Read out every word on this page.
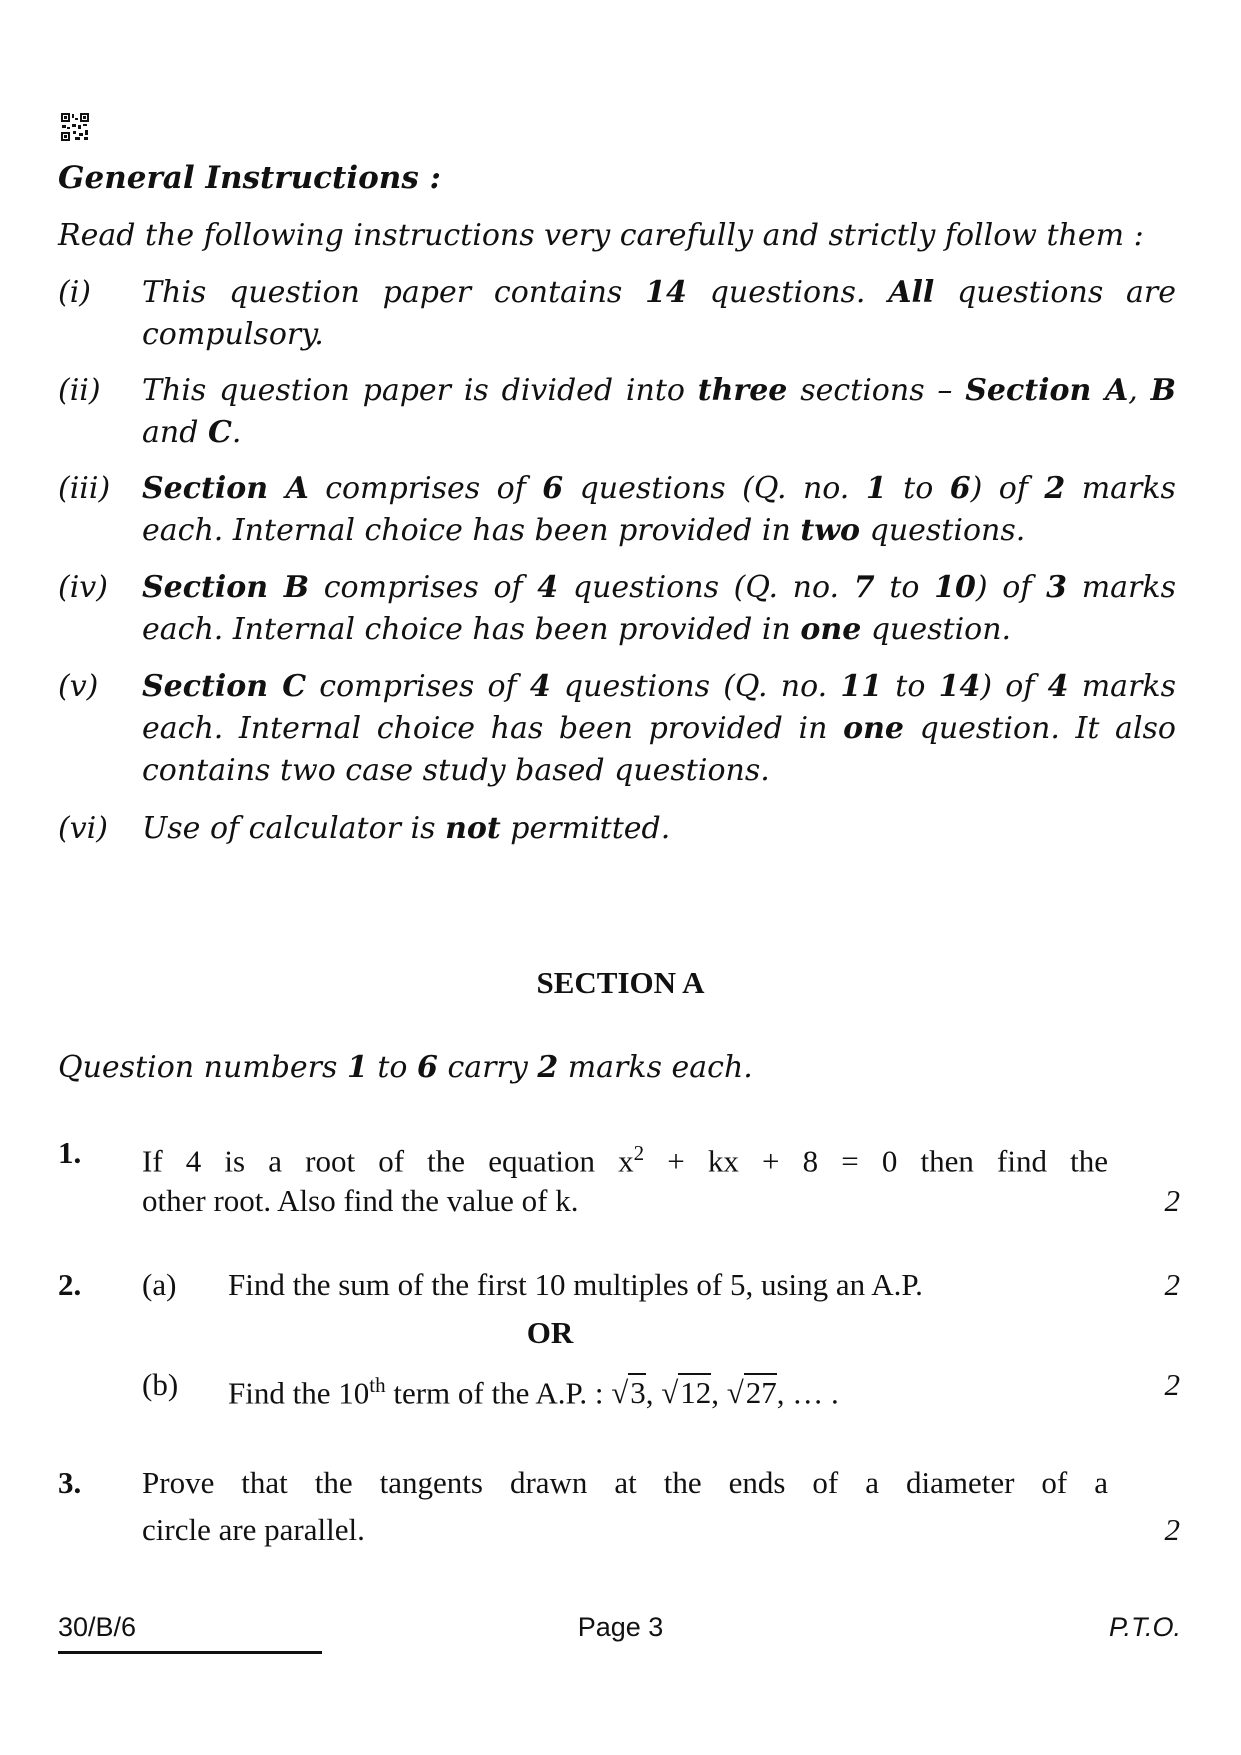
General Instructions :
Read the following instructions very carefully and strictly follow them :
(i) This question paper contains 14 questions. All questions are compulsory.
(ii) This question paper is divided into three sections – Section A, B and C.
(iii) Section A comprises of 6 questions (Q. no. 1 to 6) of 2 marks each. Internal choice has been provided in two questions.
(iv) Section B comprises of 4 questions (Q. no. 7 to 10) of 3 marks each. Internal choice has been provided in one question.
(v) Section C comprises of 4 questions (Q. no. 11 to 14) of 4 marks each. Internal choice has been provided in one question. It also contains two case study based questions.
(vi) Use of calculator is not permitted.
SECTION A
Question numbers 1 to 6 carry 2 marks each.
1. If 4 is a root of the equation $x^2$ + kx + 8 = 0 then find the
other root. Also find the value of k.	2
2. (a) Find the sum of the first 10 multiples of 5, using an A.P.	2
OR
(b) Find the 10th term of the A.P. : √3, √12, √27, … .	2
3. Prove that the tangents drawn at the ends of a diameter of a
circle are parallel.	2
30/B/6	Page 3	P.T.O.
